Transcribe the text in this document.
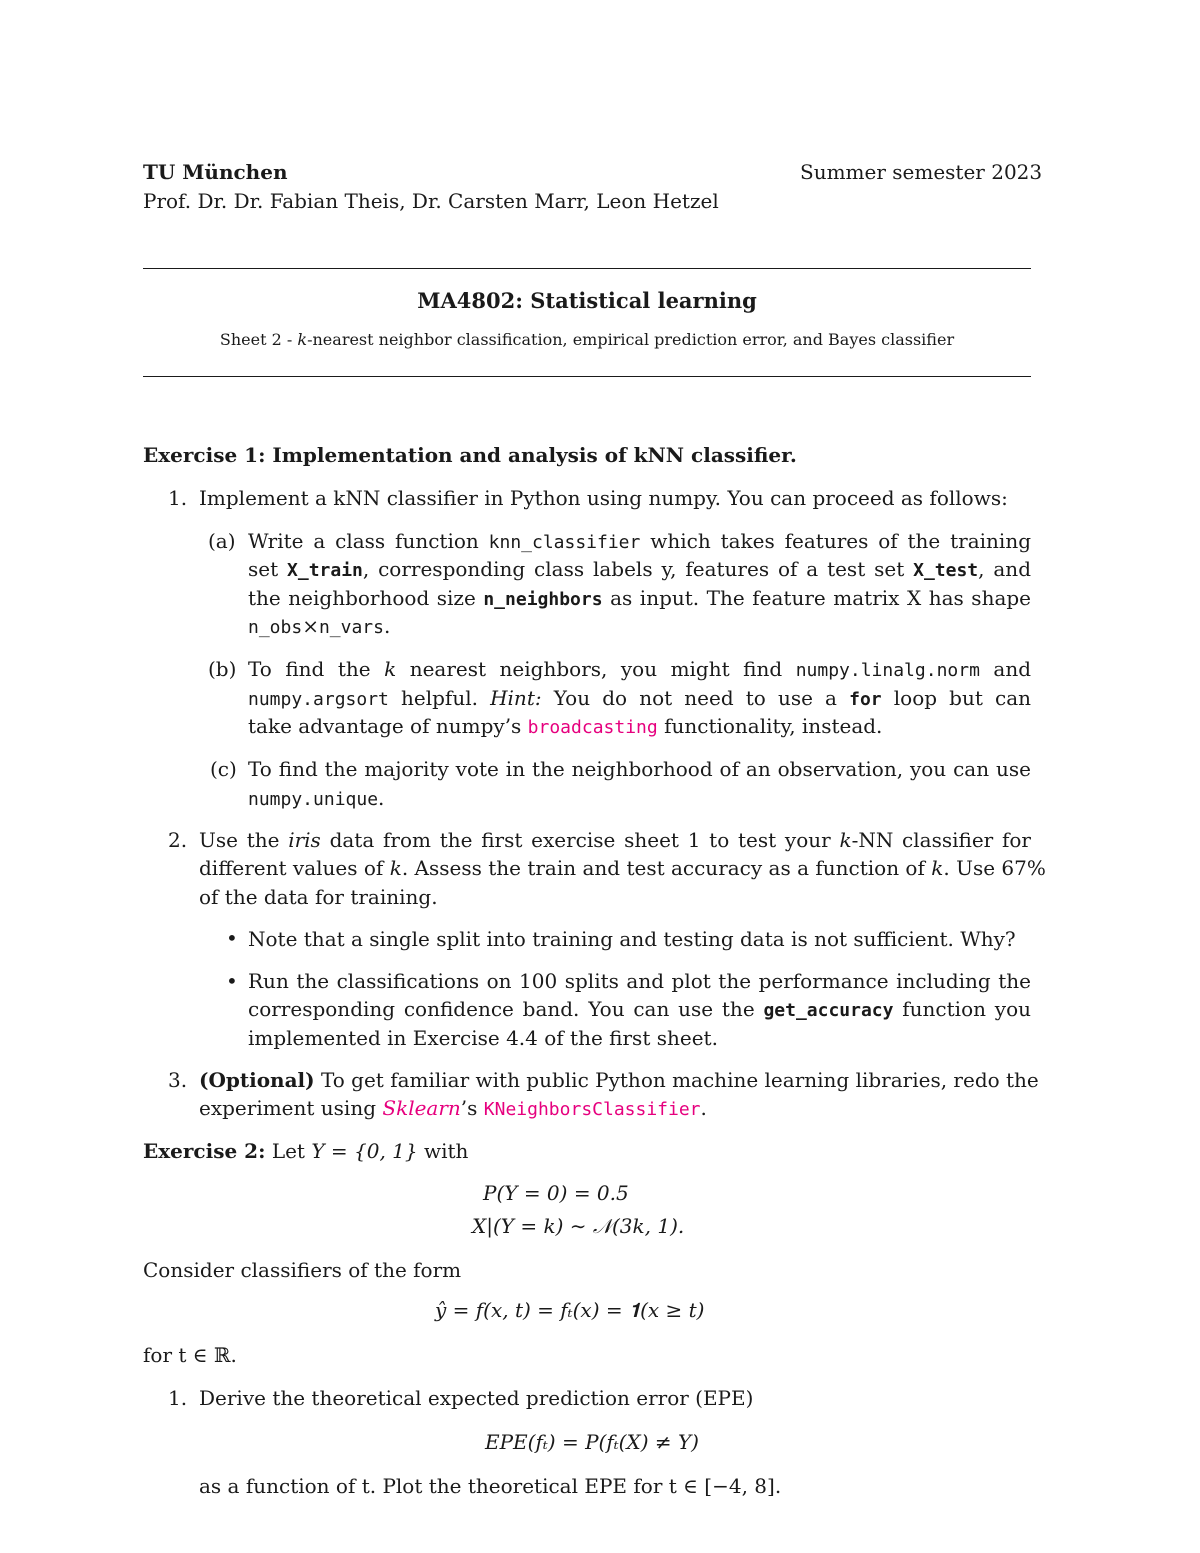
TU München	Summer semester 2023
Prof. Dr. Dr. Fabian Theis, Dr. Carsten Marr, Leon Hetzel
MA4802: Statistical learning
Sheet 2 - k-nearest neighbor classification, empirical prediction error, and Bayes classifier
Exercise 1: Implementation and analysis of kNN classifier.
1. Implement a kNN classifier in Python using numpy. You can proceed as follows:
(a) Write a class function knn_classifier which takes features of the training
set X_train, corresponding class labels y, features of a test set X_test, and
the neighborhood size n_neighbors as input. The feature matrix X has shape
n_obs×n_vars.
(b) To find the k nearest neighbors, you might find numpy.linalg.norm and
numpy.argsort helpful. Hint: You do not need to use a for loop but can
take advantage of numpy’s broadcasting functionality, instead.
(c) To find the majority vote in the neighborhood of an observation, you can use
numpy.unique.
2. Use the iris data from the first exercise sheet 1 to test your k-NN classifier for
different values of k. Assess the train and test accuracy as a function of k. Use 67%
of the data for training.
• Note that a single split into training and testing data is not sufficient. Why?
• Run the classifications on 100 splits and plot the performance including the
corresponding confidence band. You can use the get_accuracy function you
implemented in Exercise 4.4 of the first sheet.
3. (Optional) To get familiar with public Python machine learning libraries, redo the
experiment using Sklearn’s KNeighborsClassifier.
Exercise 2: Let Y = {0, 1} with
P(Y = 0) = 0.5
X|(Y = k) ∼ 𝒩(3k, 1).
Consider classifiers of the form
ŷ = f(x, t) = fₜ(x) = 𝟏(x ≥ t)
for t ∈ ℝ.
1. Derive the theoretical expected prediction error (EPE)
EPE(fₜ) = P(fₜ(X) ≠ Y)
as a function of t. Plot the theoretical EPE for t ∈ [−4, 8].
